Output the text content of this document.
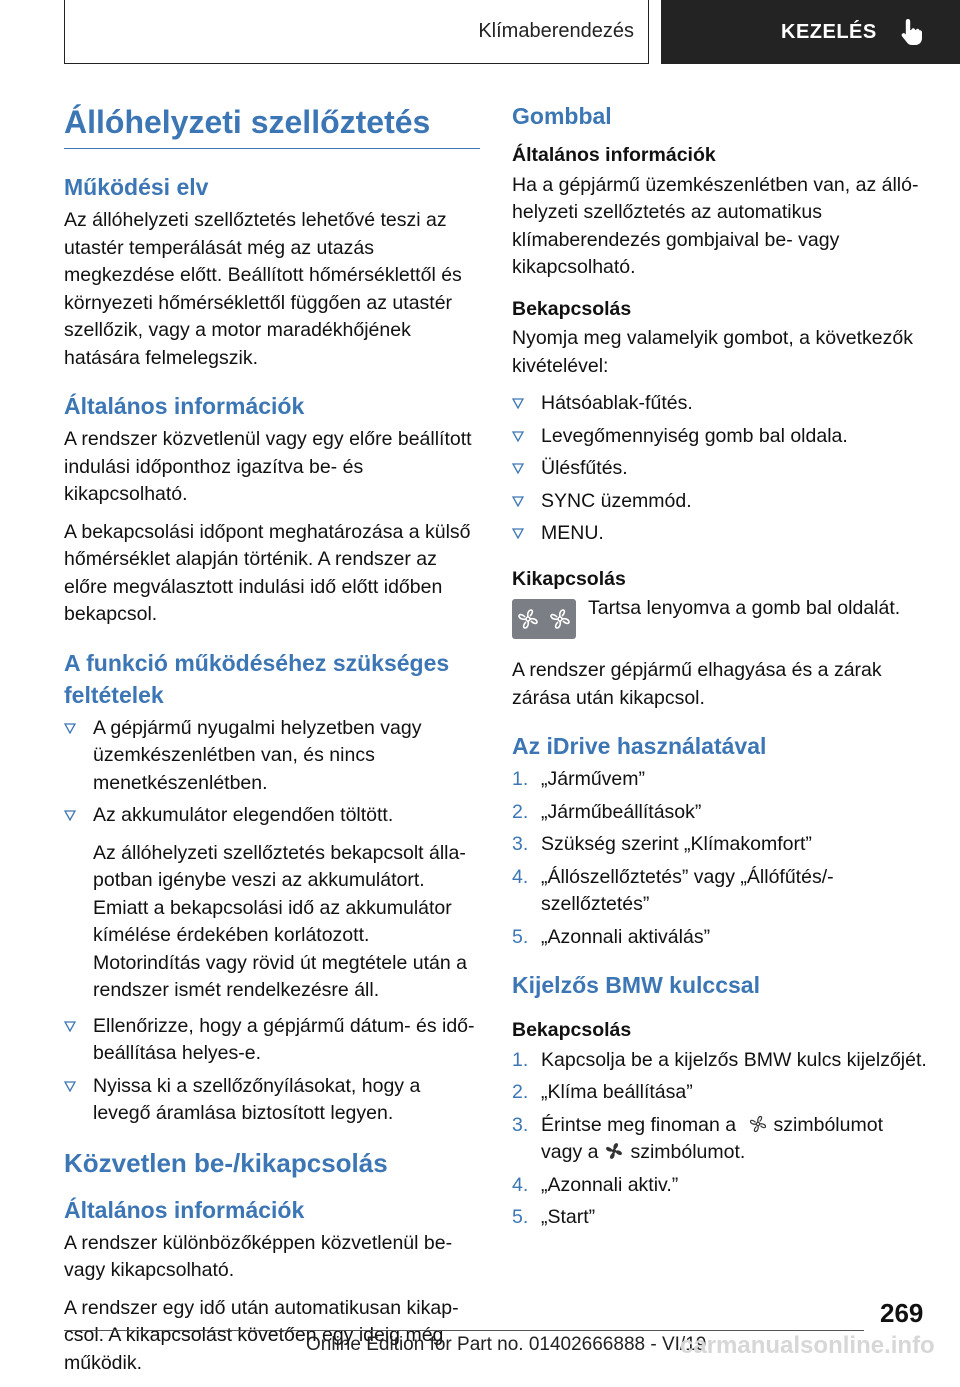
Klímaberendezés	KEZELÉS
Állóhelyzeti szellőztetés
Működési elv

Az állóhelyzeti szellőztetés lehetővé teszi az utastér temperálását még az utazás megkezdése előtt. Beállított hőmérséklettől és környezeti hőmérséklettől függően az utastér szellőzik, vagy a motor maradékhőjének hatására felmelegszik.

Általános információk

A rendszer közvetlenül vagy egy előre beállított indulási időponthoz igazítva be- és kikapcsolható.

A bekapcsolási időpont meghatározása a külső hőmérséklet alapján történik. A rendszer az előre megválasztott indulási idő előtt időben bekapcsol.

A funkció működéséhez szükséges feltételek
A gépjármű nyugalmi helyzetben vagy üzemkészenlétben van, és nincs menetkészenlétben.
Az akkumulátor elegendően töltött.

Az állóhelyzeti szellőztetés bekapcsolt állapotban igénybe veszi az akkumulátort. Emiatt a bekapcsolási idő az akkumulátor kímélése érdekében korlátozott. Motorindítás vagy rövid út megtétele után a rendszer ismét rendelkezésre áll.

Ellenőrizze, hogy a gépjármű dátum- és időbeállítása helyes-e.
Nyissa ki a szellőzőnyílásokat, hogy a levegő áramlása biztosított legyen.
Közvetlen be-/kikapcsolás
Általános információk

A rendszer különbözőképpen közvetlenül be- vagy kikapcsolható.

A rendszer egy idő után automatikusan kikapcsol. A kikapcsolást követően egy ideig még működik.

Gombbal
Általános információk

Ha a gépjármű üzemkészenlétben van, az állóhelyzeti szellőztetés az automatikus klímaberendezés gombjaival be- vagy kikapcsolható.

Bekapcsolás

Nyomja meg valamelyik gombot, a következők kivételével:

Hátsóablak-fűtés.
Levegőmennyiség gomb bal oldala.
Ülésfűtés.
SYNC üzemmód.
MENU.
Kikapcsolás

Tartsa lenyomva a gomb bal oldalát.

A rendszer gépjármű elhagyása és a zárak zárása után kikapcsol.

Az iDrive használatával
1. „Járművem”
2. „Járműbeállítások”
3. Szükség szerint „Klímakomfort”
4. „Állószellőztetés” vagy „Állófűtés/szellőztetés”
5. „Azonnali aktiválás”
Kijelzős BMW kulccsal
Bekapcsolás
1. Kapcsolja be a kijelzős BMW kulcs kijelzőjét.
2. „Klíma beállítása”
3. Érintse meg finoman a szimbólumot vagy a szimbólumot.
4. „Azonnali aktiv.”
5. „Start”
269
Online Edition for Part no. 01402666888 - VI/19
carmanualsonline.info
